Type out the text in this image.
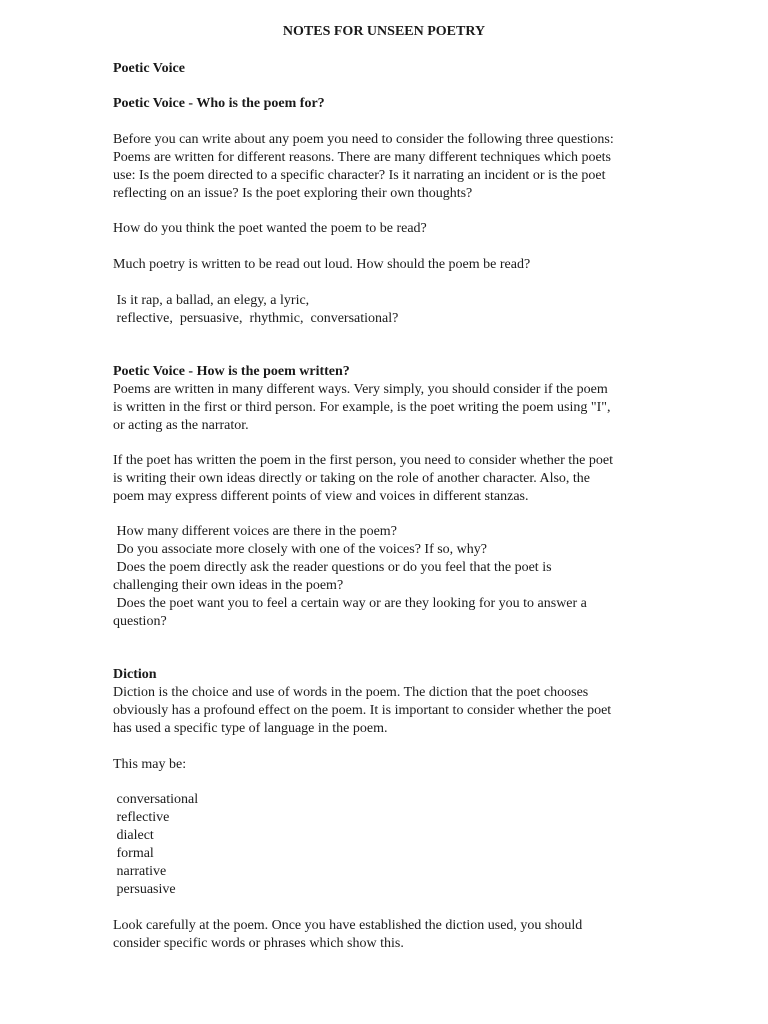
NOTES FOR UNSEEN POETRY
Poetic Voice
Poetic Voice - Who is the poem for?
Before you can write about any poem you need to consider the following three questions:
Poems are written for different reasons. There are many different techniques which poets
use: Is the poem directed to a specific character? Is it narrating an incident or is the poet
reflecting on an issue? Is the poet exploring their own thoughts?
How do you think the poet wanted the poem to be read?
Much poetry is written to be read out loud. How should the poem be read?
Is it rap, a ballad, an elegy, a lyric,
reflective,  persuasive,  rhythmic,  conversational?
Poetic Voice - How is the poem written?
Poems are written in many different ways. Very simply, you should consider if the poem
is written in the first or third person. For example, is the poet writing the poem using "I",
or acting as the narrator.
If the poet has written the poem in the first person, you need to consider whether the poet
is writing their own ideas directly or taking on the role of another character. Also, the
poem may express different points of view and voices in different stanzas.
How many different voices are there in the poem?
Do you associate more closely with one of the voices? If so, why?
Does the poem directly ask the reader questions or do you feel that the poet is
challenging their own ideas in the poem?
Does the poet want you to feel a certain way or are they looking for you to answer a
question?
Diction
Diction is the choice and use of words in the poem. The diction that the poet chooses
obviously has a profound effect on the poem. It is important to consider whether the poet
has used a specific type of language in the poem.
This may be:
conversational
reflective
dialect
formal
narrative
persuasive
Look carefully at the poem. Once you have established the diction used, you should
consider specific words or phrases which show this.
